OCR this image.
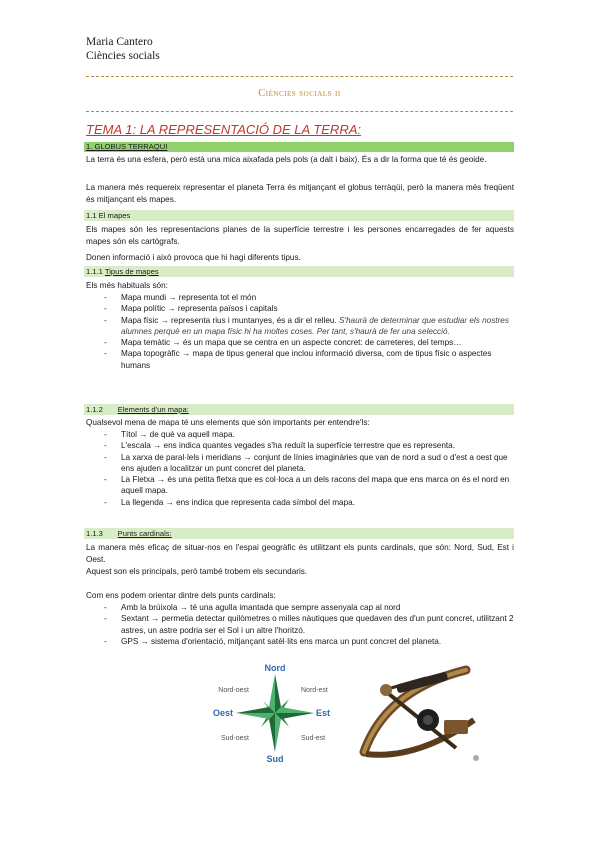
Maria Cantero
Ciències socials
Ciències socials ii
TEMA 1: LA REPRESENTACIÓ DE LA TERRA:
1. GLOBUS TERRAQUI
La terra és una esfera, però està una mica aixafada pels pols (a dalt i baix). És a dir la forma que té és geoide.
La manera més requereix representar el planeta Terra és mitjançant el globus terràqüi, però la manera més freqüent és mitjançant els mapes.
1.1 El mapes
Els mapes són les representacions planes de la superfície terrestre i les persones encarregades de fer aquests mapes són els cartògrafs.
Donen informació i això provoca que hi hagi diferents tipus.
1.1.1 Tipus de mapes
Els més habituals són:
- Mapa mundi → representa tot el món
- Mapa polític → representa països i capitals
- Mapa físic → representa rius i muntanyes, és a dir el relleu. S'haurà de determinar que estudiar els nostres alumnes perquè en un mapa físic hi ha moltes coses. Per tant, s'haurà de fer una selecció.
- Mapa temàtic → és un mapa que se centra en un aspecte concret: de carreteres, del temps…
- Mapa topogràfic → mapa de tipus general que inclou informació diversa, com de tipus físic o aspectes humans
1.1.2 Elements d'un mapa:
Qualsevol mena de mapa té uns elements que són importants per entendre'ls:
- Títol → de què va aquell mapa.
- L'escala → ens indica quantes vegades s'ha reduït la superfície terrestre que es representa.
- La xarxa de paral·lels i meridians → conjunt de línies imaginàries que van de nord a sud o d'est a oest que ens ajuden a localitzar un punt concret del planeta.
- La Fletxa → és una petita fletxa que es col·loca a un dels racons del mapa que ens marca on és el nord en aquell mapa.
- La llegenda → ens indica que representa cada símbol del mapa.
1.1.3 Punts cardinals:
La manera més eficaç de situar-nos en l'espai geogràfic és utilitzant els punts cardinals, que són: Nord, Sud, Est i Oest.
Aquest son els principals, però també trobem els secundaris.
Com ens podem orientar dintre dels punts cardinals:
- Amb la brúixola → té una agulla imantada que sempre assenyala cap al nord
- Sextant → permetia detectar quilòmetres o milles nàutiques que quedaven des d'un punt concret, utilitzant 2 astres, un astre podria ser el Sol i un altre l'horitzó.
- GPS → sistema d'orientació, mitjançant satèl·lits ens marca un punt concret del planeta.
Nord
Sud
Est
Oest
Nord-est
Nord-oest
Sud-est
Sud-oest
